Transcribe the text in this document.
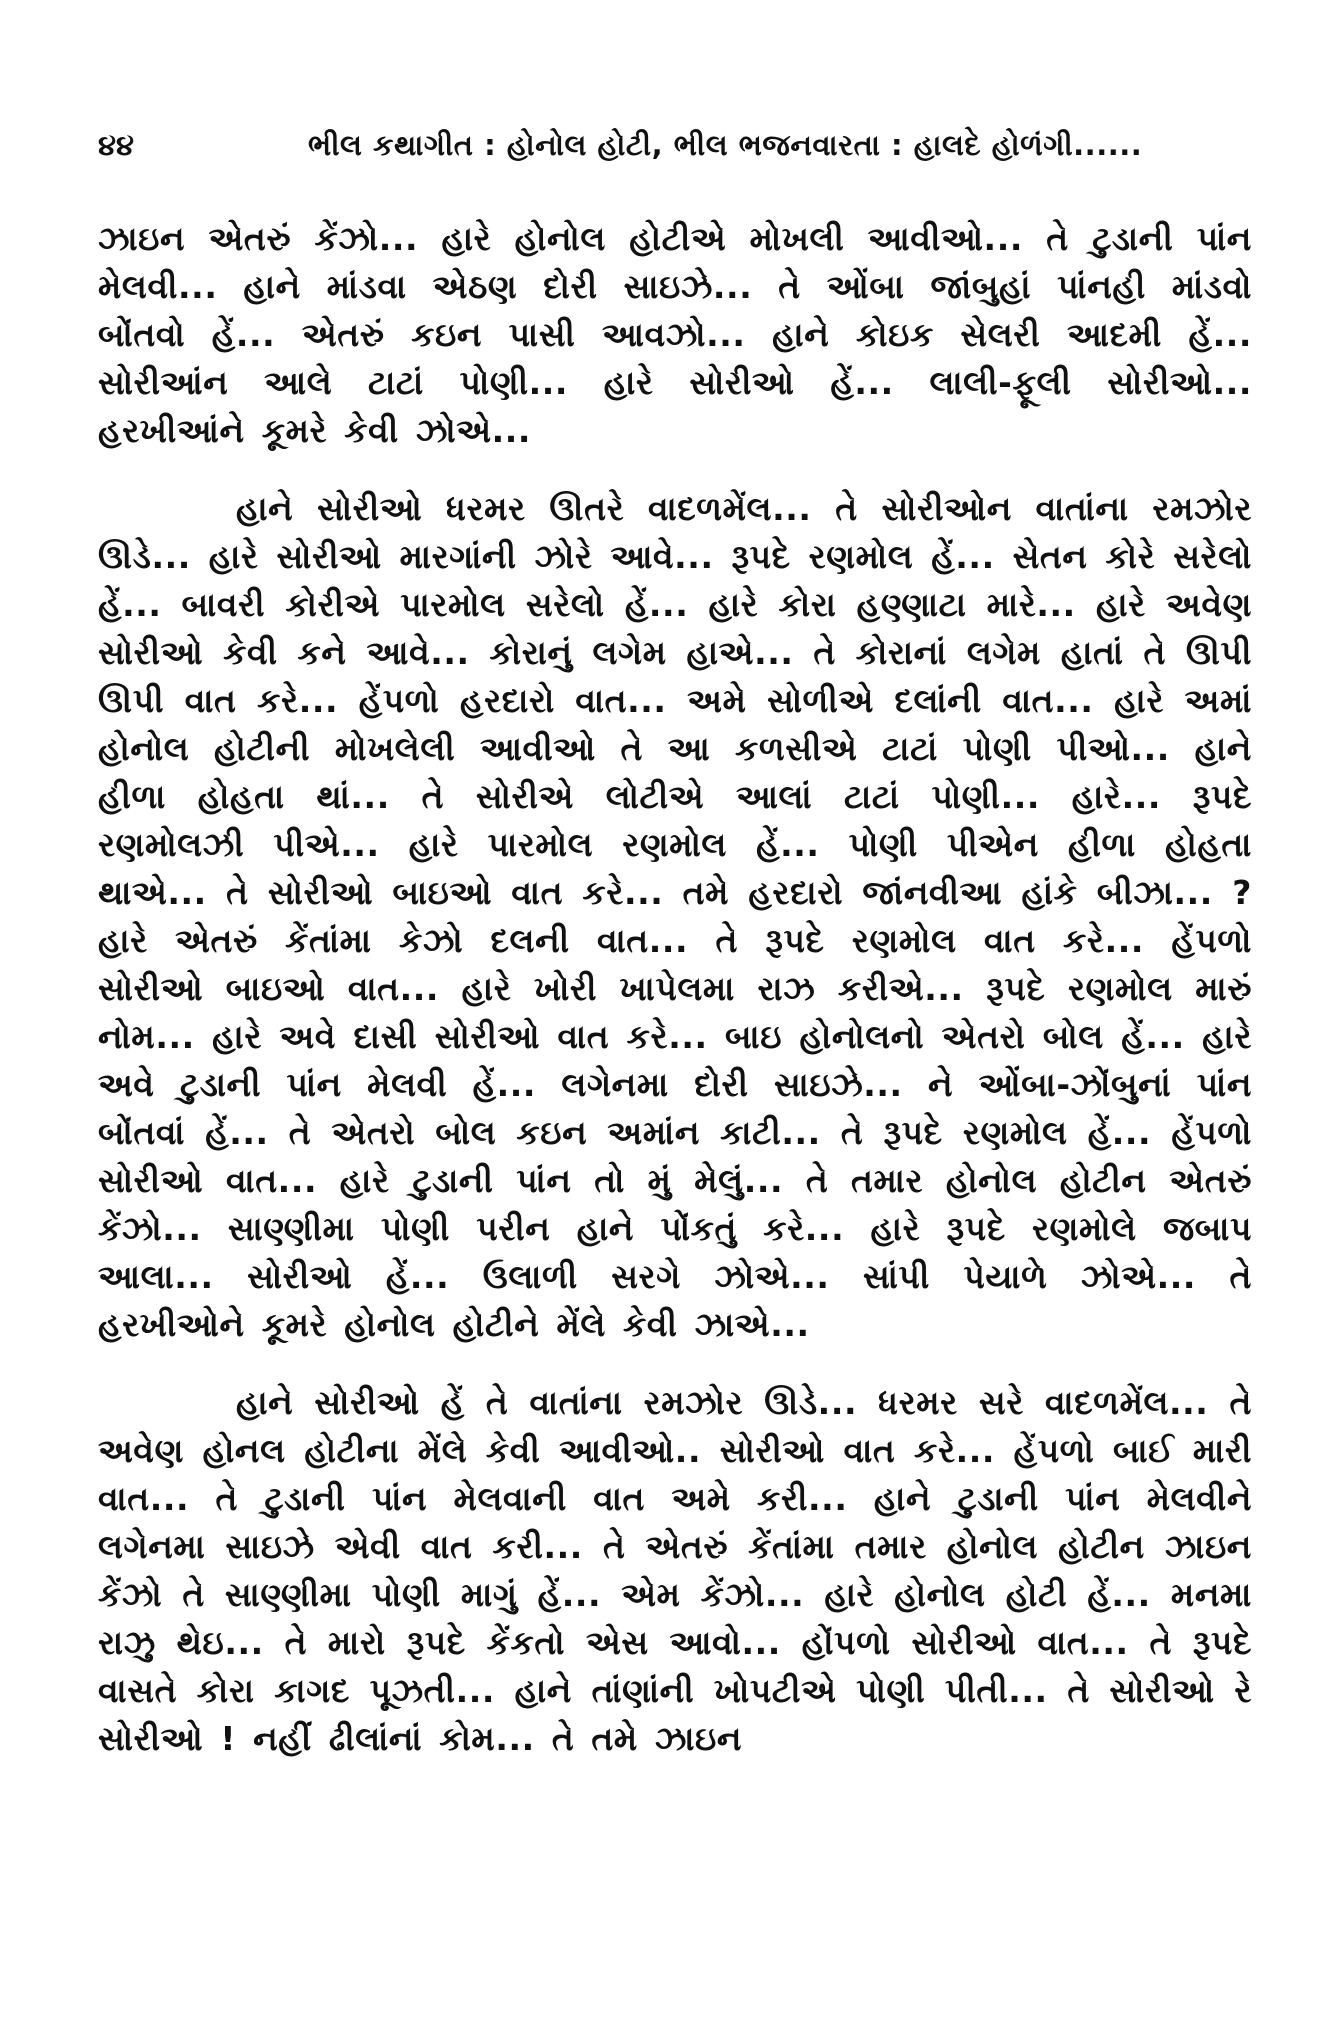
૪૪	ભીલ કથાગીત : હોનોલ હોટી, ભીલ ભજનવારતા : હાલદે હોળંગી......

ઝાઇન એતરું કેંઝો... હારે હોનોલ હોટીએ મોખલી આવીઓ... તે ટુડાની પાંન મેલવી... હાને માંડવા એઠણ દોરી સાઇઝે... તે ઓંબા જાંબુહાં પાંનહી માંડવો બોંતવો હેં... એતરું કઇન પાસી આવઝો... હાને કોઇક સેલરી આદમી હેં... સોરીઆંન આલે ટાટાં પોણી... હારે સોરીઓ હેં... લાલી-ફૂલી સોરીઓ... હરખીઆંને કૂમરે કેવી ઝોએ...

હાને સોરીઓ ધરમર ઊતરે વાદળમેંલ... તે સોરીઓન વાતાંના રમઝોર ઊડે... હારે સોરીઓ મારગાંની ઝોરે આવે... રૂપદે રણમોલ હેં... સેતન કોરે સરેલો હેં... બાવરી કોરીએ પારમોલ સરેલો હેં... હારે કોરા હણ્ણાટા મારે... હારે અવેણ સોરીઓ કેવી કને આવે... કોરાનું લગેમ હાએ... તે કોરાનાં લગેમ હાતાં તે ઊપી ઊપી વાત કરે... હેંપળો હરદારો વાત... અમે સોળીએ દલાંની વાત... હારે અમાં હોનોલ હોટીની મોખલેલી આવીઓ તે આ કળસીએ ટાટાં પોણી પીઓ... હાને હીળા હોહતા થાં... તે સોરીએ લોટીએ આલાં ટાટાં પોણી... હારે... રૂપદે રણમોલઝી પીએ... હારે પારમોલ રણમોલ હેં... પોણી પીએન હીળા હોહતા થાએ... તે સોરીઓ બાઇઓ વાત કરે... તમે હરદારો જાંનવીઆ હાંકે બીઝા... ? હારે એતરું કેંતાંમા કેઝો દલની વાત... તે રૂપદે રણમોલ વાત કરે... હેંપળો સોરીઓ બાઇઓ વાત... હારે ખોરી ખાપેલમા રાઝ કરીએ... રૂપદે રણમોલ મારું નોમ... હારે અવે દાસી સોરીઓ વાત કરે... બાઇ હોનોલનો એતરો બોલ હેં... હારે અવે ટુડાની પાંન મેલવી હેં... લગેનમા દોરી સાઇઝે... ને ઓંબા-ઝોંબુનાં પાંન બોંતવાં હેં... તે એતરો બોલ કઇન અમાંન કાટી... તે રૂપદે રણમોલ હેં... હેંપળો સોરીઓ વાત... હારે ટુડાની પાંન તો મું મેલું... તે તમાર હોનોલ હોટીન એતરું કેંઝો... સાણ્ણીમા પોણી પરીન હાને પોંકતું કરે... હારે રૂપદે રણમોલે જબાપ આલા... સોરીઓ હેં... ઉલાળી સરગે ઝોએ... સાંપી પેયાળે ઝોએ... તે હરખીઓને કૂમરે હોનોલ હોટીને મેંલે કેવી ઝાએ...

હાને સોરીઓ હેં તે વાતાંના રમઝોર ઊડે... ધરમર સરે વાદળમેંલ... તે અવેણ હોનલ હોટીના મેંલે કેવી આવીઓ.. સોરીઓ વાત કરે... હેંપળો બાઈ મારી વાત... તે ટુડાની પાંન મેલવાની વાત અમે કરી... હાને ટુડાની પાંન મેલવીને લગેનમા સાઇઝે એવી વાત કરી... તે એતરું કેંતાંમા તમાર હોનોલ હોટીન ઝાઇન કેંઝો તે સાણ્ણીમા પોણી માગું હેં... એમ કેંઝો... હારે હોનોલ હોટી હેં... મનમા રાઝુ થેઇ... તે મારો રૂપદે કેંકતો એસ આવો... હોંપળો સોરીઓ વાત... તે રૂપદે વાસતે કોરા કાગદ પૂઝતી... હાને તાંણાંની ખોપટીએ પોણી પીતી... તે સોરીઓ રે સોરીઓ ! નહીં ઢીલાંનાં કોમ... તે તમે ઝાઇન
